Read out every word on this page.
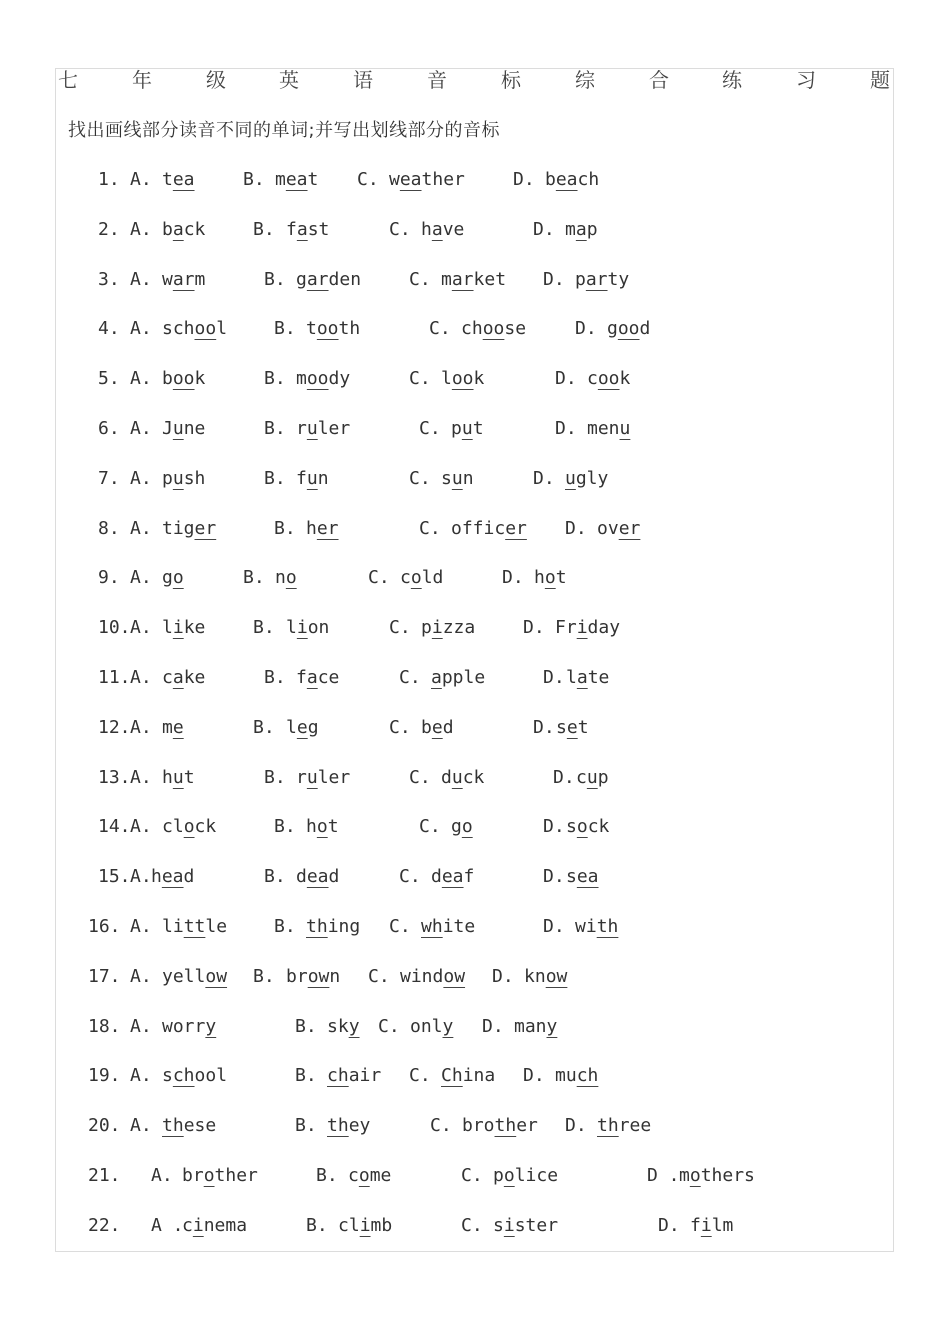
七	年	级	英	语	音	标	综	合	练	习	题
找出画线部分读音不同的单词;并写出划线部分的音标
1. A. tea	B. meat C. weather	D. beach
2. A. back	B. fast	C. have	D. map
3. A. warm	B. garden	C. market D. party
4. A. school	B. tooth	C. choose	D. good
5. A. book	B. moody	C. look	D. cook
6. A. June	B. ruler	C. put	D. menu
7. A. push	B. fun	C. sun	D. ugly
8. A. tiger	B. her	C. officer D. over
9. A. go	B. no	C. cold	D. hot
10. A. like	B. lion	C. pizza	D. Friday
11. A. cake	B. face	C. apple	D. late
12. A. me	B. leg	C. bed	D. set
13. A. hut	B. ruler	C. duck	D. cup
14. A. clock	B. hot	C. go	D. sock
15. A. head	B. dead	C. deaf	D. sea
16. A. little	B. thing C. white	D. with
17. A. yellow B. brown C. window D. know
18. A. worry	B. sky C. only D. many
19. A. school	B. chair C. China D. much
20. A. these	B. they	C. brother D. three
21. A. brother	B. come	C. police	D . mothers
22. A .
cinema	B. climb	C. sister	D. film
